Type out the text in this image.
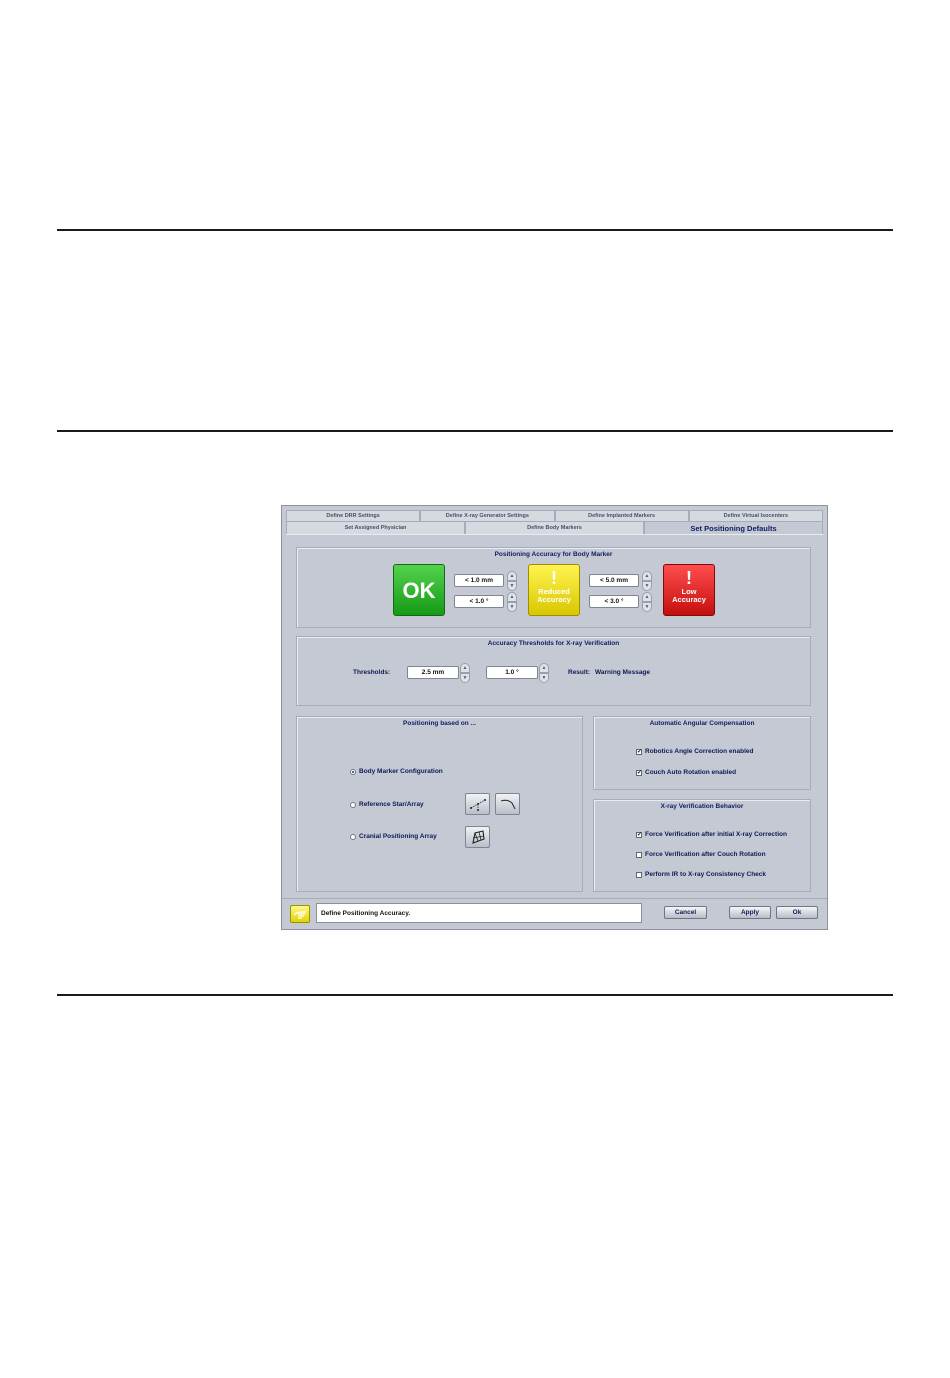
Define DRR Settings	Define X-ray Generator Settings	Define Implanted Markers	Define Virtual Isocenters
Set Assigned Physician	Define Body Markers	Set Positioning Defaults
Positioning Accuracy for Body Marker
OK	< 1.0 mm
▲
▼
< 1.0 °
▲
▼
!
Reduced
Accuracy
< 5.0 mm
▲
▼
< 3.0 °
▲
▼
!
Low
Accuracy
Accuracy Thresholds for X-ray Verification
Thresholds:	2.5 mm
▲
▼
1.0 °
▲
▼
Result: Warning Message
Positioning based on ...
Body Marker Configuration
Reference Star/Array
Cranial Positioning Array
Automatic Angular Compensation
✓ Robotics Angle Correction enabled
✓ Couch Auto Rotation enabled
X-ray Verification Behavior
✓ Force Verification after initial X-ray Correction
Force Verification after Couch Rotation
Perform IR to X-ray Consistency Check
Define Positioning Accuracy.	Cancel	Apply	Ok
